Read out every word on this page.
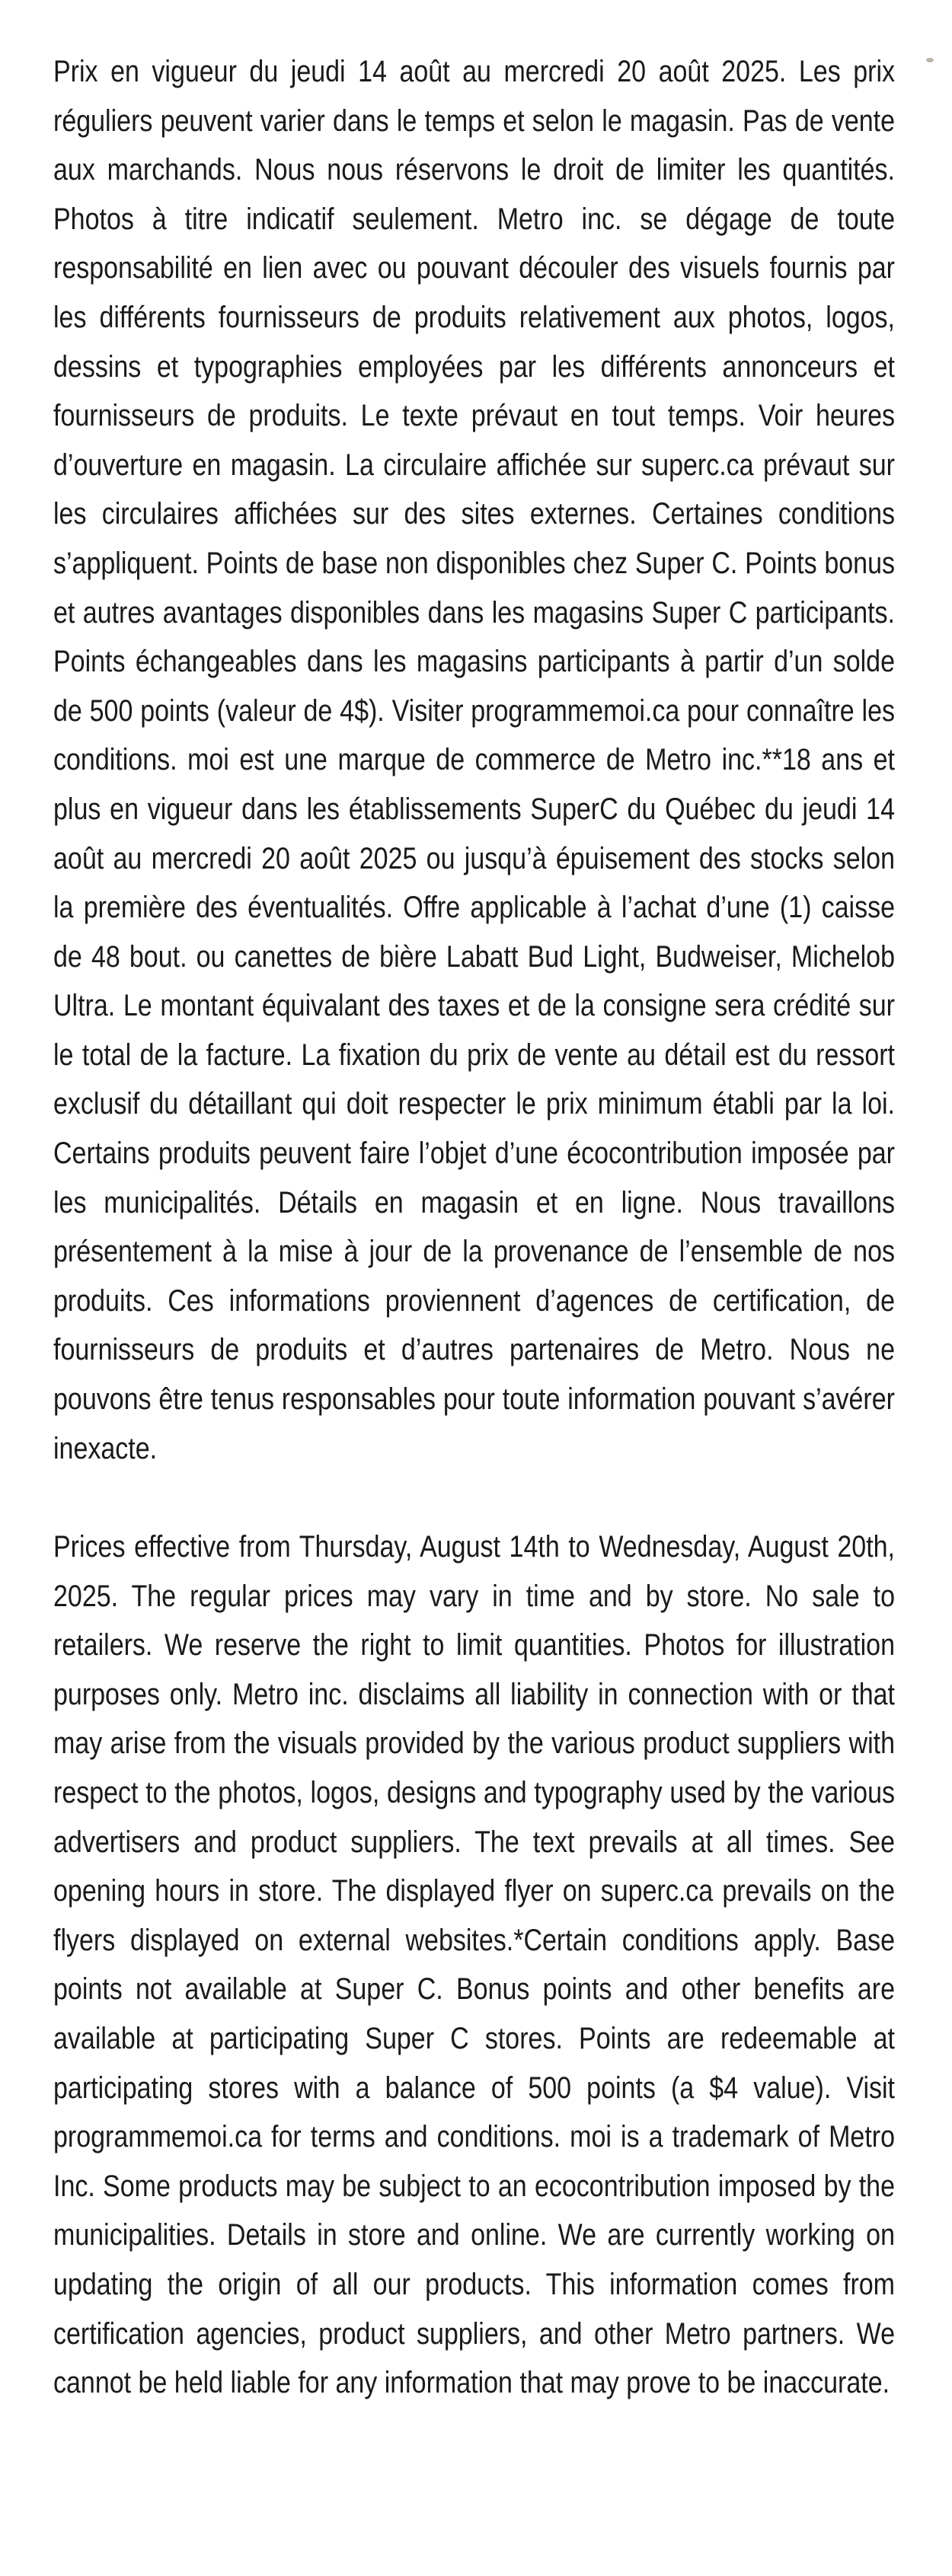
Prix en vigueur du jeudi 14 août au mercredi 20 août 2025. Les prix réguliers peuvent varier dans le temps et selon le magasin. Pas de vente aux marchands. Nous nous réservons le droit de limiter les quantités. Photos à titre indicatif seulement. Metro inc. se dégage de toute responsabilité en lien avec ou pouvant découler des visuels fournis par les différents fournisseurs de produits relativement aux photos, logos, dessins et typographies employées par les différents annonceurs et fournisseurs de produits. Le texte prévaut en tout temps. Voir heures d’ouverture en magasin. La circulaire affichée sur superc.ca prévaut sur les circulaires affichées sur des sites externes. Certaines conditions s’appliquent. Points de base non disponibles chez Super C. Points bonus et autres avantages disponibles dans les magasins Super C participants. Points échangeables dans les magasins participants à partir d’un solde de 500 points (valeur de 4$). Visiter programmemoi.ca pour connaître les conditions. moi est une marque de commerce de Metro inc.**18 ans et plus en vigueur dans les établissements SuperC du Québec du jeudi 14 août au mercredi 20 août 2025 ou jusqu’à épuisement des stocks selon la première des éventualités. Offre applicable à l’achat d’une (1) caisse de 48 bout. ou canettes de bière Labatt Bud Light, Budweiser, Michelob Ultra. Le montant équivalant des taxes et de la consigne sera crédité sur le total de la facture. La fixation du prix de vente au détail est du ressort exclusif du détaillant qui doit respecter le prix minimum établi par la loi. Certains produits peuvent faire l’objet d’une écocontribution imposée par les municipalités. Détails en magasin et en ligne. Nous travaillons présentement à la mise à jour de la provenance de l’ensemble de nos produits. Ces informations proviennent d’agences de certification, de fournisseurs de produits et d’autres partenaires de Metro. Nous ne pouvons être tenus responsables pour toute information pouvant s’avérer inexacte.

Prices effective from Thursday, August 14th to Wednesday, August 20th, 2025. The regular prices may vary in time and by store. No sale to retailers. We reserve the right to limit quantities. Photos for illustration purposes only. Metro inc. disclaims all liability in connection with or that may arise from the visuals provided by the various product suppliers with respect to the photos, logos, designs and typography used by the various advertisers and product suppliers. The text prevails at all times. See opening hours in store. The displayed flyer on superc.ca prevails on the flyers displayed on external websites.*Certain conditions apply. Base points not available at Super C. Bonus points and other benefits are available at participating Super C stores. Points are redeemable at participating stores with a balance of 500 points (a $4 value). Visit programmemoi.ca for terms and conditions. moi is a trademark of Metro Inc. Some products may be subject to an ecocontribution imposed by the municipalities. Details in store and online. We are currently working on updating the origin of all our products. This information comes from certification agencies, product suppliers, and other Metro partners. We cannot be held liable for any information that may prove to be inaccurate.
